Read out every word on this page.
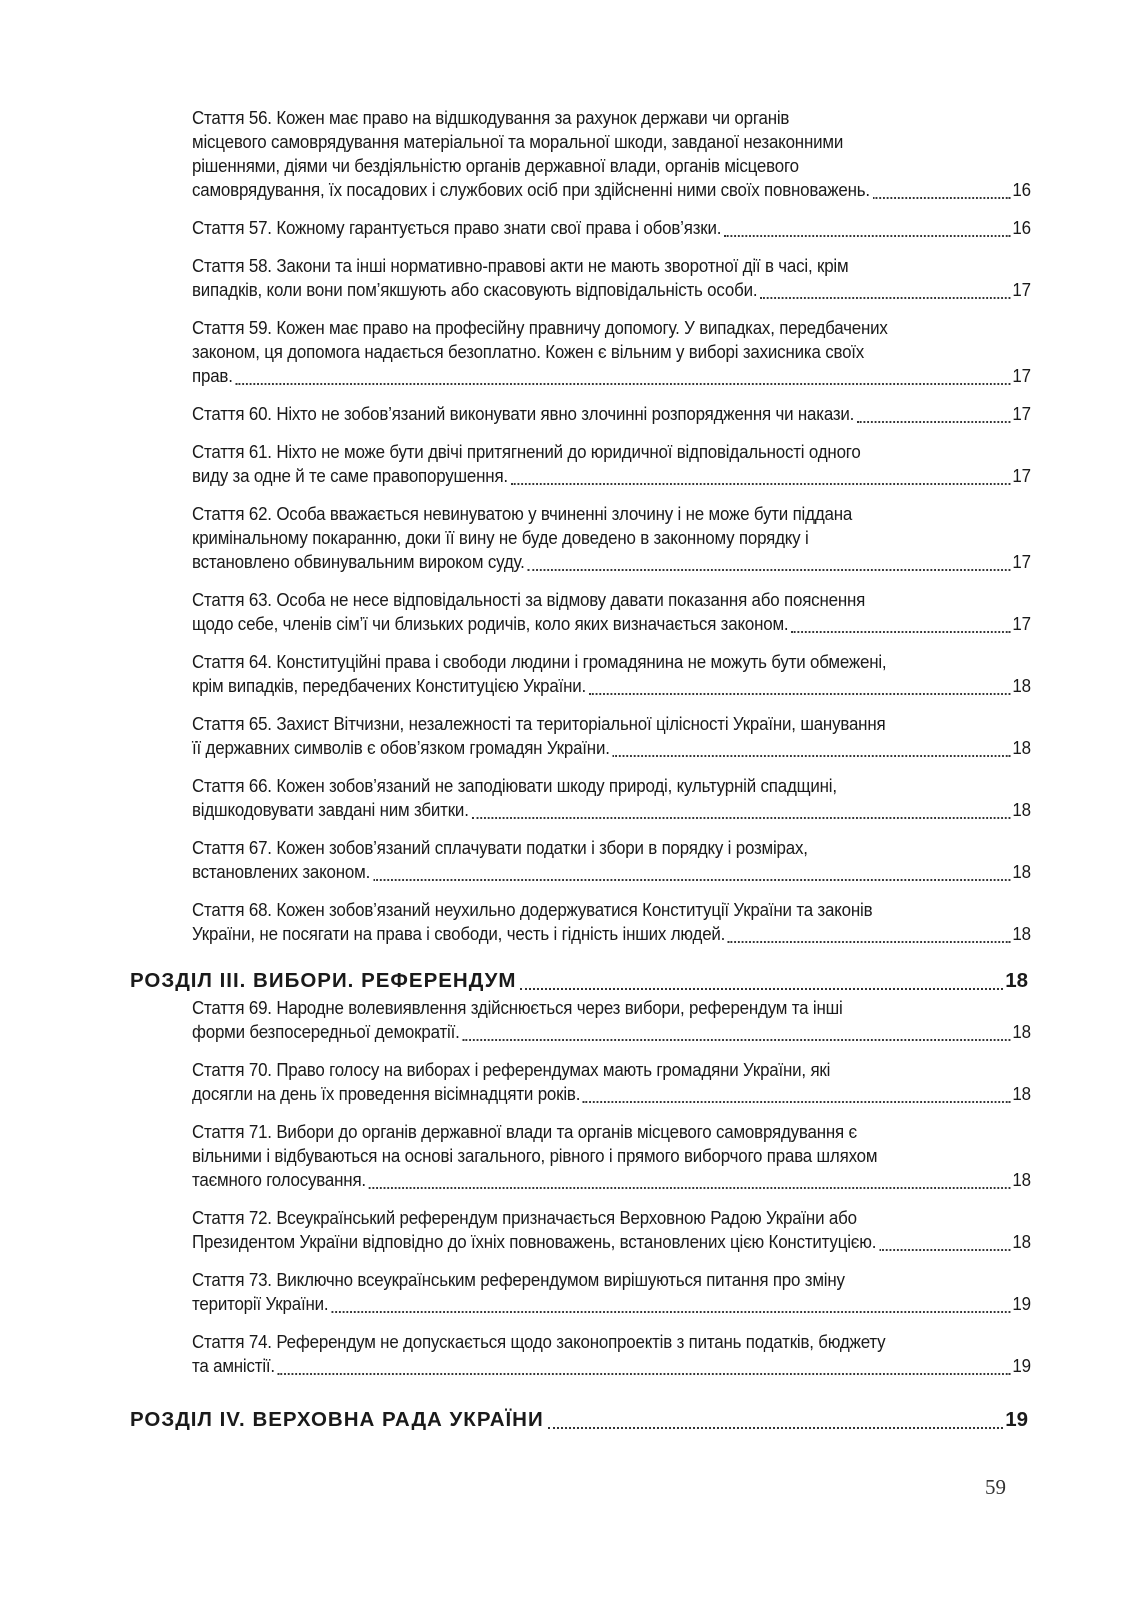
Стаття 56. Кожен має право на відшкодування за рахунок держави чи органів
місцевого самоврядування матеріальної та моральної шкоди, завданої незаконними
рішеннями, діями чи бездіяльністю органів державної влади, органів місцевого
самоврядування, їх посадових і службових осіб при здійсненні ними своїх повноважень.	16
Стаття 57. Кожному гарантується право знати свої права і обов’язки.	16
Стаття 58. Закони та інші нормативно-правові акти не мають зворотної дії в часі, крім
випадків, коли вони пом’якшують або скасовують відповідальність особи.	17
Стаття 59. Кожен має право на професійну правничу допомогу. У випадках, передбачених
законом, ця допомога надається безоплатно. Кожен є вільним у виборі захисника своїх
прав.	17
Стаття 60. Ніхто не зобов’язаний виконувати явно злочинні розпорядження чи накази.	17
Стаття 61. Ніхто не може бути двічі притягнений до юридичної відповідальності одного
виду за одне й те саме правопорушення.	17
Стаття 62. Особа вважається невинуватою у вчиненні злочину і не може бути піддана
кримінальному покаранню, доки її вину не буде доведено в законному порядку і
встановлено обвинувальним вироком суду.	17
Стаття 63. Особа не несе відповідальності за відмову давати показання або пояснення
щодо себе, членів сім’ї чи близьких родичів, коло яких визначається законом.	17
Стаття 64. Конституційні права і свободи людини і громадянина не можуть бути обмежені,
крім випадків, передбачених Конституцією України.	18
Стаття 65. Захист Вітчизни, незалежності та територіальної цілісності України, шанування
її державних символів є обов’язком громадян України.	18
Стаття 66. Кожен зобов’язаний не заподіювати шкоду природі, культурній спадщині,
відшкодовувати завдані ним збитки.	18
Стаття 67. Кожен зобов’язаний сплачувати податки і збори в порядку і розмірах,
встановлених законом.	18
Стаття 68. Кожен зобов’язаний неухильно додержуватися Конституції України та законів
України, не посягати на права і свободи, честь і гідність інших людей.	18
РОЗДІЛ ІІІ. ВИБОРИ. РЕФЕРЕНДУМ	18
Стаття 69. Народне волевиявлення здійснюється через вибори, референдум та інші
форми безпосередньої демократії.	18
Стаття 70. Право голосу на виборах і референдумах мають громадяни України, які
досягли на день їх проведення вісімнадцяти років.	18
Стаття 71. Вибори до органів державної влади та органів місцевого самоврядування є
вільними і відбуваються на основі загального, рівного і прямого виборчого права шляхом
таємного голосування.	18
Стаття 72. Всеукраїнський референдум призначається Верховною Радою України або
Президентом України відповідно до їхніх повноважень, встановлених цією Конституцією.	18
Стаття 73. Виключно всеукраїнським референдумом вирішуються питання про зміну
території України.	19
Стаття 74. Референдум не допускається щодо законопроектів з питань податків, бюджету
та амністії.	19
РОЗДІЛ ІV. ВЕРХОВНА РАДА УКРАЇНИ	19
59
